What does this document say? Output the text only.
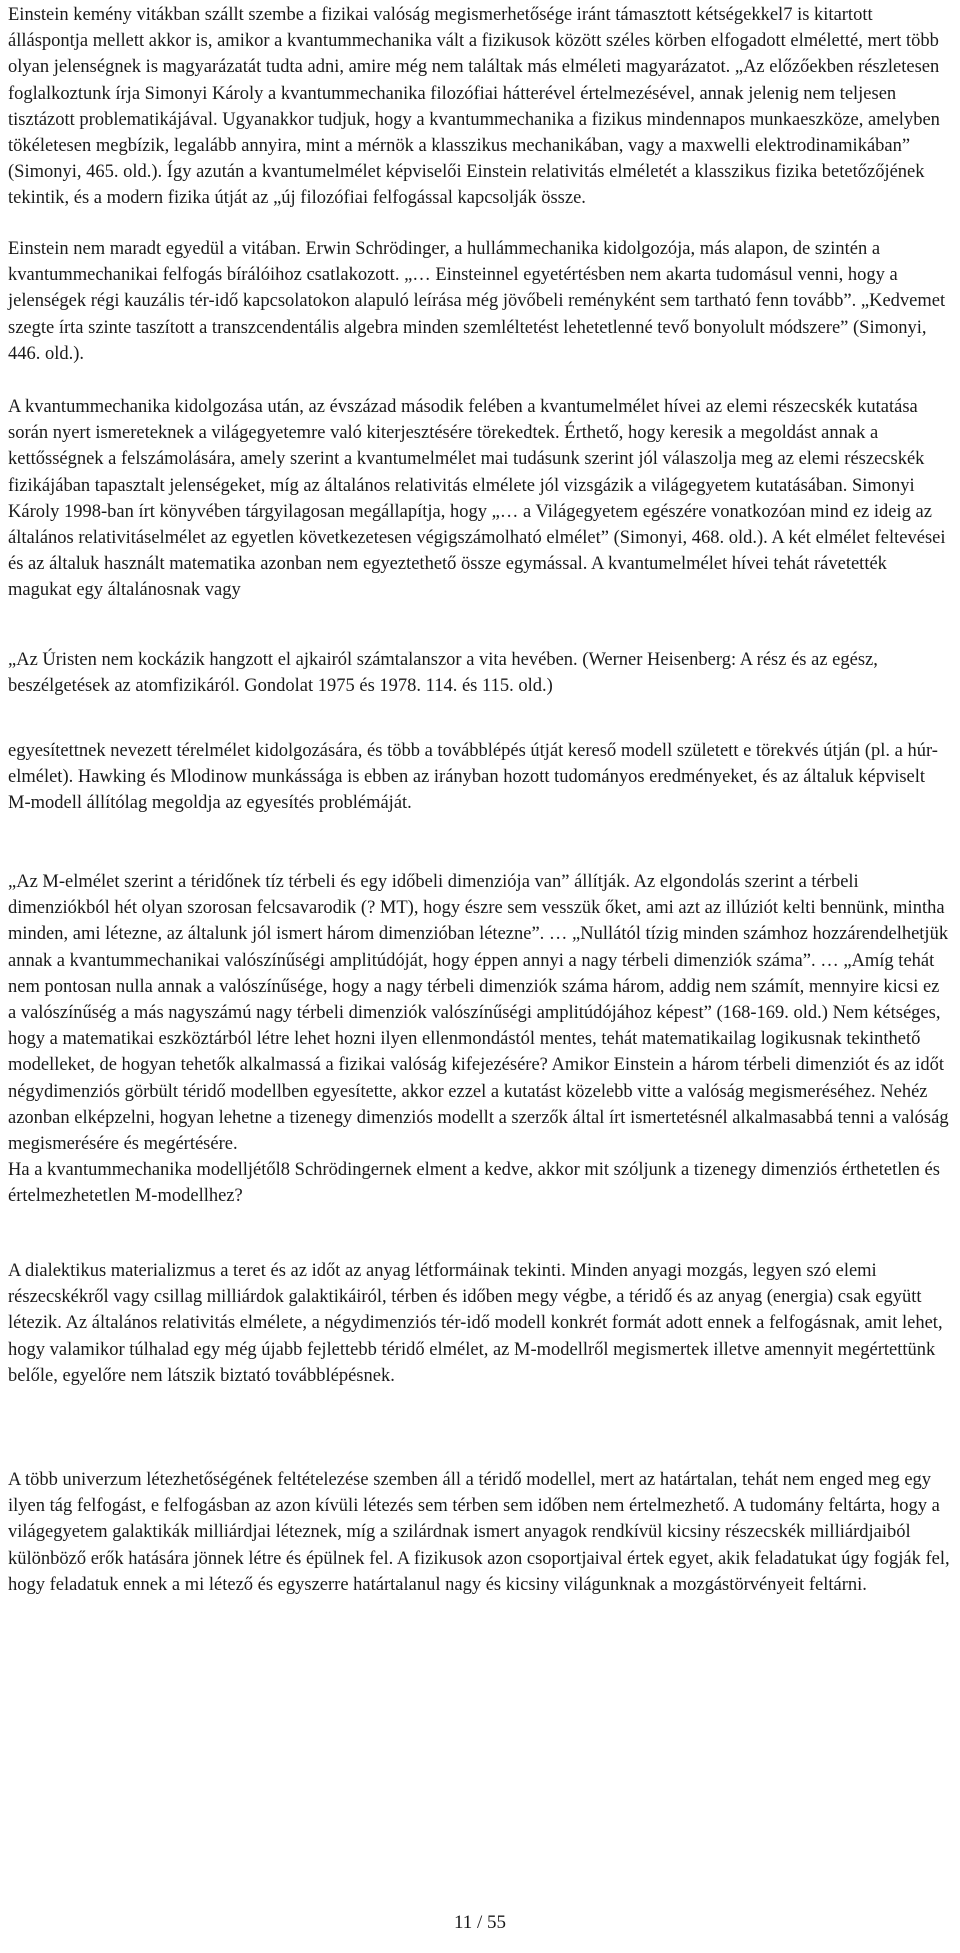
Einstein kemény vitákban szállt szembe a fizikai valóság megismerhetősége iránt támasztott kétségekkel7 is kitartott álláspontja mellett akkor is, amikor a kvantummechanika vált a fizikusok között széles körben elfogadott elméletté, mert több olyan jelenségnek is magyarázatát tudta adni, amire még nem találtak más elméleti magyarázatot. „Az előzőekben részletesen foglalkoztunk írja Simonyi Károly a kvantummechanika filozófiai hátterével értelmezésével, annak jelenig nem teljesen tisztázott problematikájával. Ugyanakkor tudjuk, hogy a kvantummechanika a fizikus mindennapos munkaeszköze, amelyben tökéletesen megbízik, legalább annyira, mint a mérnök a klasszikus mechanikában, vagy a maxwelli elektrodinamikában” (Simonyi, 465. old.). Így azután a kvantumelmélet képviselői Einstein relativitás elméletét a klasszikus fizika betetőzőjének tekintik, és a modern fizika útját az „új filozófiai felfogással kapcsolják össze.

Einstein nem maradt egyedül a vitában. Erwin Schrödinger, a hullámmechanika kidolgozója, más alapon, de szintén a kvantummechanikai felfogás bírálóihoz csatlakozott. „… Einsteinnel egyetértésben nem akarta tudomásul venni, hogy a jelenségek régi kauzális tér-idő kapcsolatokon alapuló leírása még jövőbeli reményként sem tartható fenn tovább”. „Kedvemet szegte írta szinte taszított a transzcendentális algebra minden szemléltetést lehetetlenné tevő bonyolult módszere” (Simonyi, 446. old.).

A kvantummechanika kidolgozása után, az évszázad második felében a kvantumelmélet hívei az elemi részecskék kutatása során nyert ismereteknek a világegyetemre való kiterjesztésére törekedtek. Érthető, hogy keresik a megoldást annak a kettősségnek a felszámolására, amely szerint a kvantumelmélet mai tudásunk szerint jól válaszolja meg az elemi részecskék fizikájában tapasztalt jelenségeket, míg az általános relativitás elmélete jól vizsgázik a világegyetem kutatásában. Simonyi Károly 1998-ban írt könyvében tárgyilagosan megállapítja, hogy „… a Világegyetem egészére vonatkozóan mind ez ideig az általános relativitáselmélet az egyetlen következetesen végigszámolható elmélet” (Simonyi, 468. old.). A két elmélet feltevései és az általuk használt matematika azonban nem egyeztethető össze egymással. A kvantumelmélet hívei tehát rávetették magukat egy általánosnak vagy

„Az Úristen nem kockázik hangzott el ajkairól számtalanszor a vita hevében. (Werner Heisenberg: A rész és az egész, beszélgetések az atomfizikáról. Gondolat 1975 és 1978. 114. és 115. old.)

egyesítettnek nevezett térelmélet kidolgozására, és több a továbblépés útját kereső modell született e törekvés útján (pl. a húr-elmélet). Hawking és Mlodinow munkássága is ebben az irányban hozott tudományos eredményeket, és az általuk képviselt M-modell állítólag megoldja az egyesítés problémáját.

„Az M-elmélet szerint a téridőnek tíz térbeli és egy időbeli dimenziója van” állítják. Az elgondolás szerint a térbeli dimenziókból hét olyan szorosan felcsavarodik (? MT), hogy észre sem vesszük őket, ami azt az illúziót kelti bennünk, mintha minden, ami létezne, az általunk jól ismert három dimenzióban létezne”. … „Nullától tízig minden számhoz hozzárendelhetjük annak a kvantummechanikai valószínűségi amplitúdóját, hogy éppen annyi a nagy térbeli dimenziók száma”. … „Amíg tehát nem pontosan nulla annak a valószínűsége, hogy a nagy térbeli dimenziók száma három, addig nem számít, mennyire kicsi ez a valószínűség a más nagyszámú nagy térbeli dimenziók valószínűségi amplitúdójához képest” (168-169. old.) Nem kétséges, hogy a matematikai eszköztárból létre lehet hozni ilyen ellenmondástól mentes, tehát matematikailag logikusnak tekinthető modelleket, de hogyan tehetők alkalmassá a fizikai valóság kifejezésére? Amikor Einstein a három térbeli dimenziót és az időt négydimenziós görbült téridő modellben egyesítette, akkor ezzel a kutatást közelebb vitte a valóság megismeréséhez. Nehéz azonban elképzelni, hogyan lehetne a tizenegy dimenziós modellt a szerzők által írt ismertetésnél alkalmasabbá tenni a valóság megismerésére és megértésére.
Ha a kvantummechanika modelljétől8 Schrödingernek elment a kedve, akkor mit szóljunk a tizenegy dimenziós érthetetlen és értelmezhetetlen M-modellhez?

A dialektikus materializmus a teret és az időt az anyag létformáinak tekinti. Minden anyagi mozgás, legyen szó elemi részecskékről vagy csillag milliárdok galaktikáiról, térben és időben megy végbe, a téridő és az anyag (energia) csak együtt létezik. Az általános relativitás elmélete, a négydimenziós tér-idő modell konkrét formát adott ennek a felfogásnak, amit lehet, hogy valamikor túlhalad egy még újabb fejlettebb téridő elmélet, az M-modellről megismertek illetve amennyit megértettünk belőle, egyelőre nem látszik biztató továbblépésnek.

A több univerzum létezhetőségének feltételezése szemben áll a téridő modellel, mert az határtalan, tehát nem enged meg egy ilyen tág felfogást, e felfogásban az azon kívüli létezés sem térben sem időben nem értelmezhető. A tudomány feltárta, hogy a világegyetem galaktikák milliárdjai léteznek, míg a szilárdnak ismert anyagok rendkívül kicsiny részecskék milliárdjaiból különböző erők hatására jönnek létre és épülnek fel. A fizikusok azon csoportjaival értek egyet, akik feladatukat úgy fogják fel, hogy feladatuk ennek a mi létező és egyszerre határtalanul nagy és kicsiny világunknak a mozgástörvényeit feltárni.

11 / 55
